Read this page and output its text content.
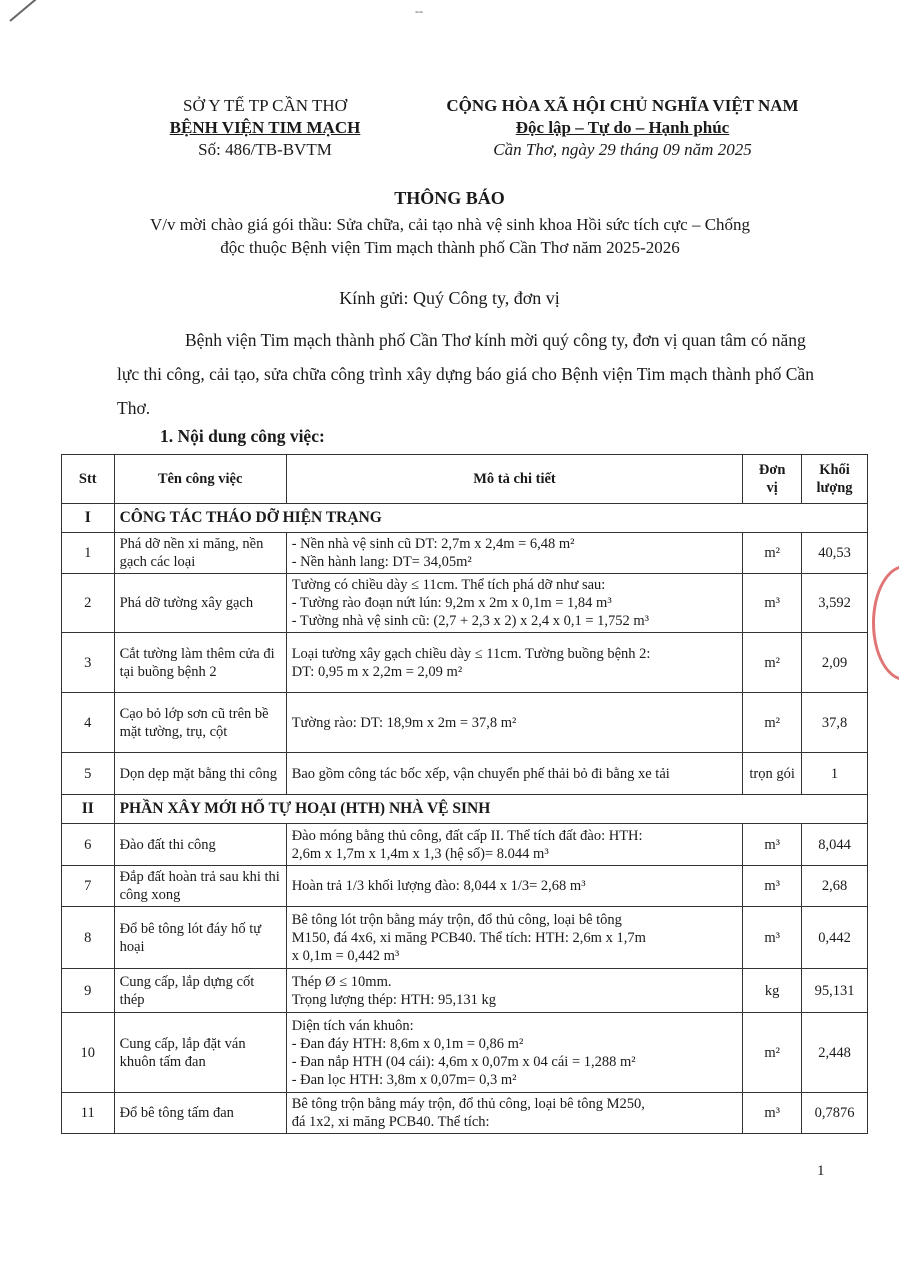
--
SỞ Y TẾ TP CẦN THƠ
BỆNH VIỆN TIM MẠCH
Số: 486/TB-BVTM
CỘNG HÒA XÃ HỘI CHỦ NGHĨA VIỆT NAM
Độc lập – Tự do – Hạnh phúc
Cần Thơ, ngày 29 tháng 09 năm 2025
THÔNG BÁO
V/v mời chào giá gói thầu: Sửa chữa, cải tạo nhà vệ sinh khoa Hồi sức tích cực – Chống
độc thuộc Bệnh viện Tim mạch thành phố Cần Thơ năm 2025-2026
Kính gửi: Quý Công ty, đơn vị
Bệnh viện Tim mạch thành phố Cần Thơ kính mời quý công ty, đơn vị quan tâm có năng lực thi công, cải tạo, sửa chữa công trình xây dựng báo giá cho Bệnh viện Tim mạch thành phố Cần Thơ.
1. Nội dung công việc:
Stt	Tên công việc	Mô tả chi tiết	Đơn
vị	Khối
lượng
I	CÔNG TÁC THÁO DỠ HIỆN TRẠNG			
1	Phá dỡ nền xi măng, nền gạch các loại	- Nền nhà vệ sinh cũ DT: 2,7m x 2,4m = 6,48 m²
- Nền hành lang: DT= 34,05m²	m²	40,53
2	Phá dỡ tường xây gạch	Tường có chiều dày ≤ 11cm. Thể tích phá dỡ như sau:
- Tường rào đoạn nứt lún: 9,2m x 2m x 0,1m = 1,84 m³
- Tường nhà vệ sinh cũ: (2,7 + 2,3 x 2) x 2,4 x 0,1 = 1,752 m³	m³	3,592
3	Cắt tường làm thêm cửa đi tại buồng bệnh 2	Loại tường xây gạch chiều dày ≤ 11cm. Tường buồng bệnh 2:
DT: 0,95 m x 2,2m = 2,09 m²	m²	2,09
4	Cạo bỏ lớp sơn cũ trên bề mặt tường, trụ, cột	Tường rào: DT: 18,9m x 2m = 37,8 m²	m²	37,8
5	Dọn dẹp mặt bằng thi công	Bao gồm công tác bốc xếp, vận chuyển phế thải bỏ đi bằng xe tải	trọn gói	1
II	PHẦN XÂY MỚI HỐ TỰ HOẠI (HTH) NHÀ VỆ SINH			
6	Đào đất thi công	Đào móng bằng thủ công, đất cấp II. Thể tích đất đào: HTH:
2,6m x 1,7m x 1,4m x 1,3 (hệ số)= 8.044 m³	m³	8,044
7	Đắp đất hoàn trả sau khi thi công xong	Hoàn trả 1/3 khối lượng đào: 8,044 x 1/3= 2,68 m³	m³	2,68
8	Đổ bê tông lót đáy hố tự hoại	Bê tông lót trộn bằng máy trộn, đổ thủ công, loại bê tông
M150, đá 4x6, xi măng PCB40. Thể tích: HTH: 2,6m x 1,7m
x 0,1m = 0,442 m³	m³	0,442
9	Cung cấp, lắp dựng cốt thép	Thép Ø ≤ 10mm.
Trọng lượng thép: HTH: 95,131 kg	kg	95,131
10	Cung cấp, lắp đặt ván khuôn tấm đan	Diện tích ván khuôn:
- Đan đáy HTH: 8,6m x 0,1m = 0,86 m²
- Đan nắp HTH (04 cái): 4,6m x 0,07m x 04 cái = 1,288 m²
- Đan lọc HTH: 3,8m x 0,07m= 0,3 m²	m²	2,448
11	Đổ bê tông tấm đan	Bê tông trộn bằng máy trộn, đổ thủ công, loại bê tông M250,
đá 1x2, xi măng PCB40. Thể tích:	m³	0,7876
1
